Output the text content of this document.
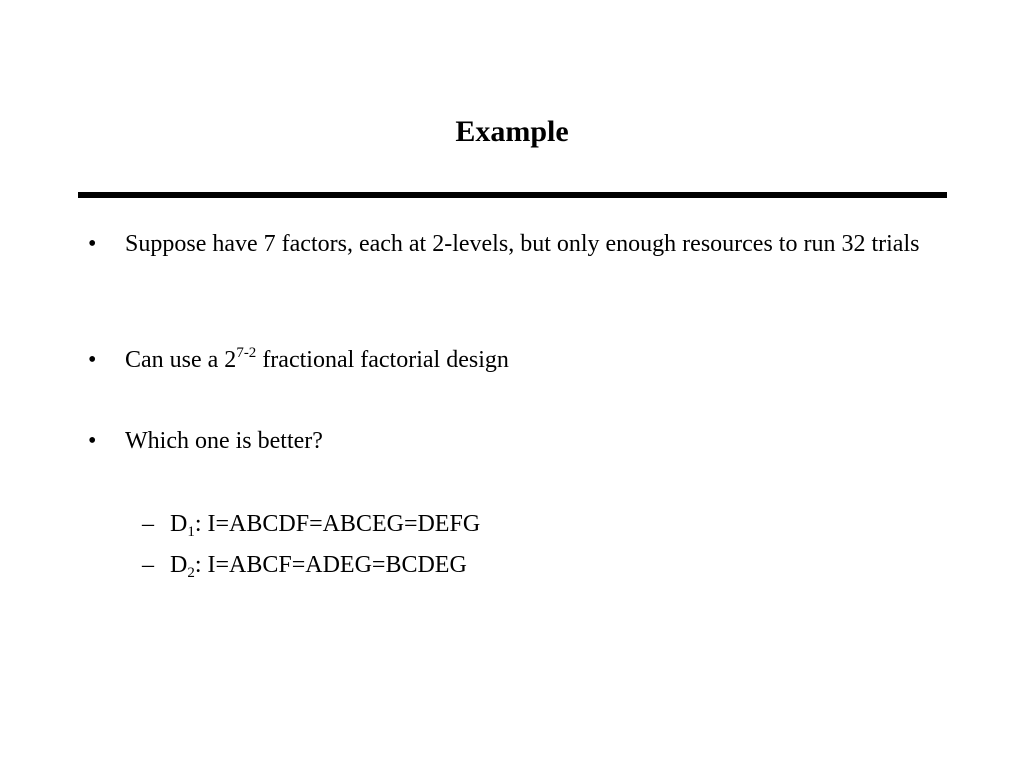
Example
• Suppose have 7 factors, each at 2-levels, but only enough resources to run 32 trials
• Can use a 2$^{7-2}$ fractional factorial design
• Which one is better?
– $D_1$: I=ABCDF=ABCEG=DEFG
– $D_2$: I=ABCF=ADEG=BCDEG
